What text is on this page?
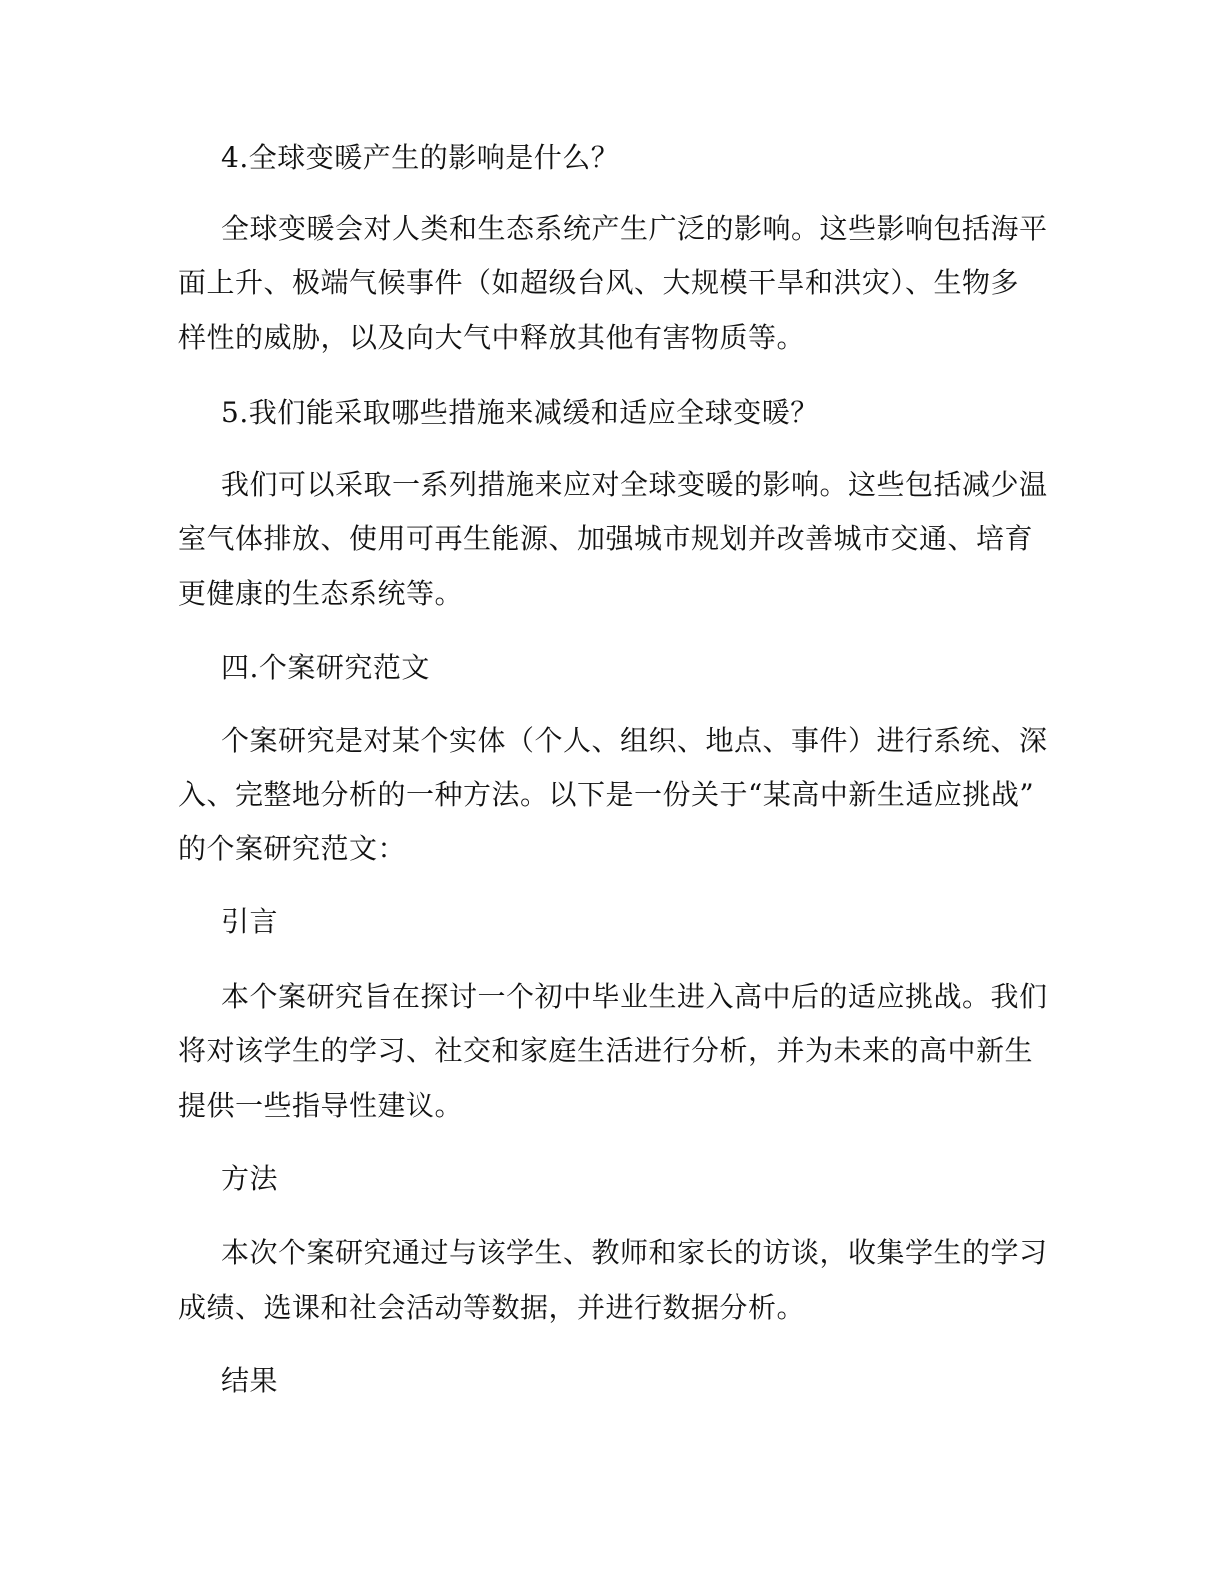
4.全球变暖产生的影响是什么？
全球变暖会对人类和生态系统产生广泛的影响。这些影响包括海平
面上升、极端气候事件（如超级台风、大规模干旱和洪灾）、生物多
样性的威胁，以及向大气中释放其他有害物质等。
5.我们能采取哪些措施来减缓和适应全球变暖？
我们可以采取一系列措施来应对全球变暖的影响。这些包括减少温
室气体排放、使用可再生能源、加强城市规划并改善城市交通、培育
更健康的生态系统等。
四.个案研究范文
个案研究是对某个实体（个人、组织、地点、事件）进行系统、深
入、完整地分析的一种方法。以下是一份关于“某高中新生适应挑战”
的个案研究范文：
引言
本个案研究旨在探讨一个初中毕业生进入高中后的适应挑战。我们
将对该学生的学习、社交和家庭生活进行分析，并为未来的高中新生
提供一些指导性建议。
方法
本次个案研究通过与该学生、教师和家长的访谈，收集学生的学习
成绩、选课和社会活动等数据，并进行数据分析。
结果
